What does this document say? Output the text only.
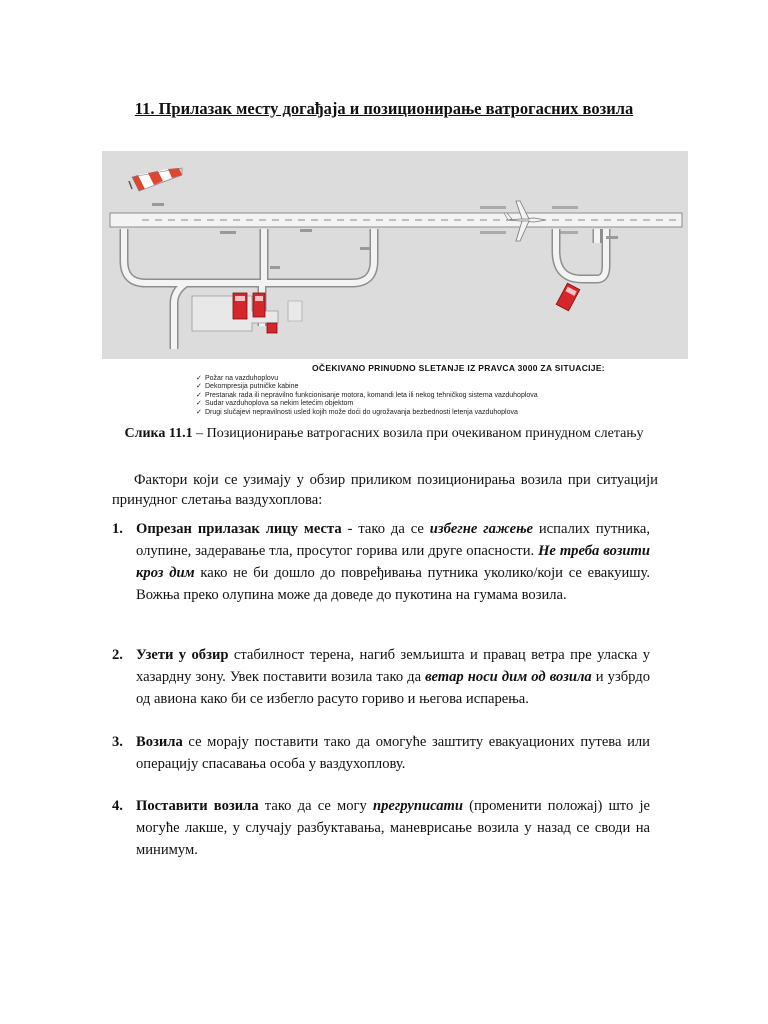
11. Прилазак месту догађаја и позиционирање ватрогасних возила
OČEKIVANO PRINUDNO SLETANJE IZ PRAVCA 3000 ZA SITUACIJE:
✓ Požar na vazduhoplovu
✓ Dekompresija putničke kabine
✓ Prestanak rada ili nepravilno funkcionisanje motora, komandi leta ili nekog tehničkog sistema vazduhoplova
✓ Sudar vazduhoplova sa nekim letećim objektom
✓ Drugi slučajevi nepravilnosti usled kojih može doći do ugrožavanja bezbednosti letenja vazduhoplova
Слика 11.1 – Позиционирање ватрогасних возила при очекиваном принудном слетању

Фактори који се узимају у обзир приликом позиционирања возила при ситуацији принудног слетања ваздухоплова:

1. Опрезан прилазак лицу места - тако да се избегне гажење испалих путника, олупине, задеравање тла, просутог горива или друге опасности. Не треба возити кроз дим како не би дошло до повређивања путника уколико/који се евакуишу. Вожња преко олупина може да доведе до пукотина на гумама возила.
2. Узети у обзир стабилност терена, нагиб земљишта и правац ветра пре уласка у хазардну зону. Увек поставити возила тако да ветар носи дим од возила и узбрдо од авиона како би се избегло расуто гориво и његова испарења.
3. Возила се морају поставити тако да омогуће заштиту евакуационих путева или операцију спасавања особа у ваздухоплову.
4. Поставити возила тако да се могу прегруписати (променити положај) што је могуће лакше, у случају разбуктавања, маневрисање возила у назад се своди на минимум.
